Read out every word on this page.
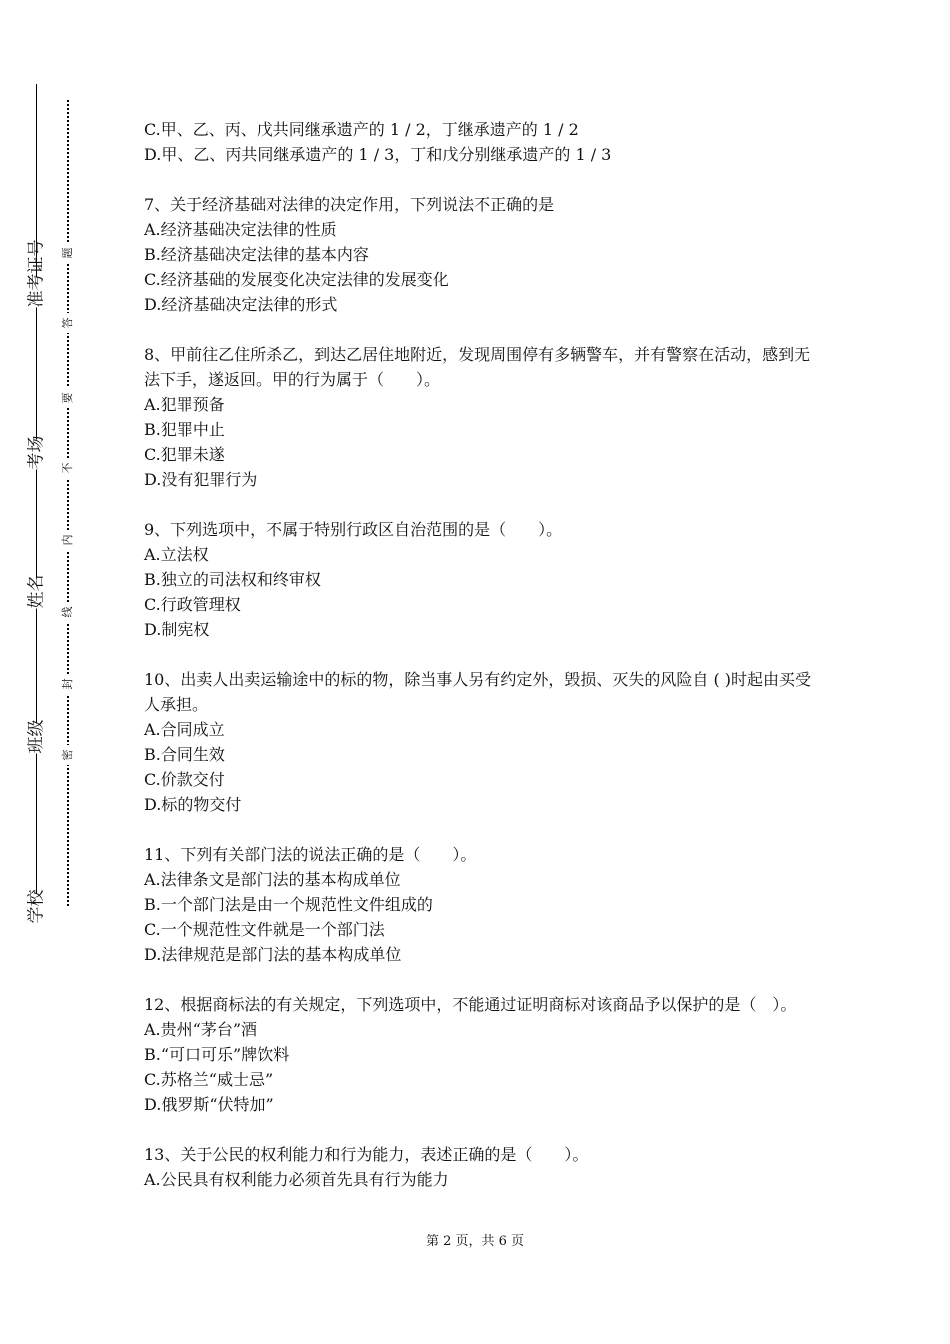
准考证号
考场
姓名
班级
学校
题
答
要
不
内
线
封
密

C.甲、乙、丙、戊共同继承遗产的 1 / 2，丁继承遗产的 1 / 2

D.甲、乙、丙共同继承遗产的 1 / 3，丁和戊分别继承遗产的 1 / 3

7、关于经济基础对法律的决定作用，下列说法不正确的是

A.经济基础决定法律的性质

B.经济基础决定法律的基本内容

C.经济基础的发展变化决定法律的发展变化

D.经济基础决定法律的形式

8、甲前往乙住所杀乙，到达乙居住地附近，发现周围停有多辆警车，并有警察在活动，感到无法下手，遂返回。甲的行为属于（　　）。

A.犯罪预备

B.犯罪中止

C.犯罪未遂

D.没有犯罪行为

9、下列选项中，不属于特别行政区自治范围的是（　　）。

A.立法权

B.独立的司法权和终审权

C.行政管理权

D.制宪权

10、出卖人出卖运输途中的标的物，除当事人另有约定外，毁损、灭失的风险自 ( )时起由买受人承担。

A.合同成立

B.合同生效

C.价款交付

D.标的物交付

11、下列有关部门法的说法正确的是（　　）。

A.法律条文是部门法的基本构成单位

B.一个部门法是由一个规范性文件组成的

C.一个规范性文件就是一个部门法

D.法律规范是部门法的基本构成单位

12、根据商标法的有关规定，下列选项中，不能通过证明商标对该商品予以保护的是（　）。

A.贵州“茅台”酒

B.“可口可乐”牌饮料

C.苏格兰“威士忌”

D.俄罗斯“伏特加”

13、关于公民的权利能力和行为能力，表述正确的是（　　）。

A.公民具有权利能力必须首先具有行为能力

第 2 页，共 6 页
